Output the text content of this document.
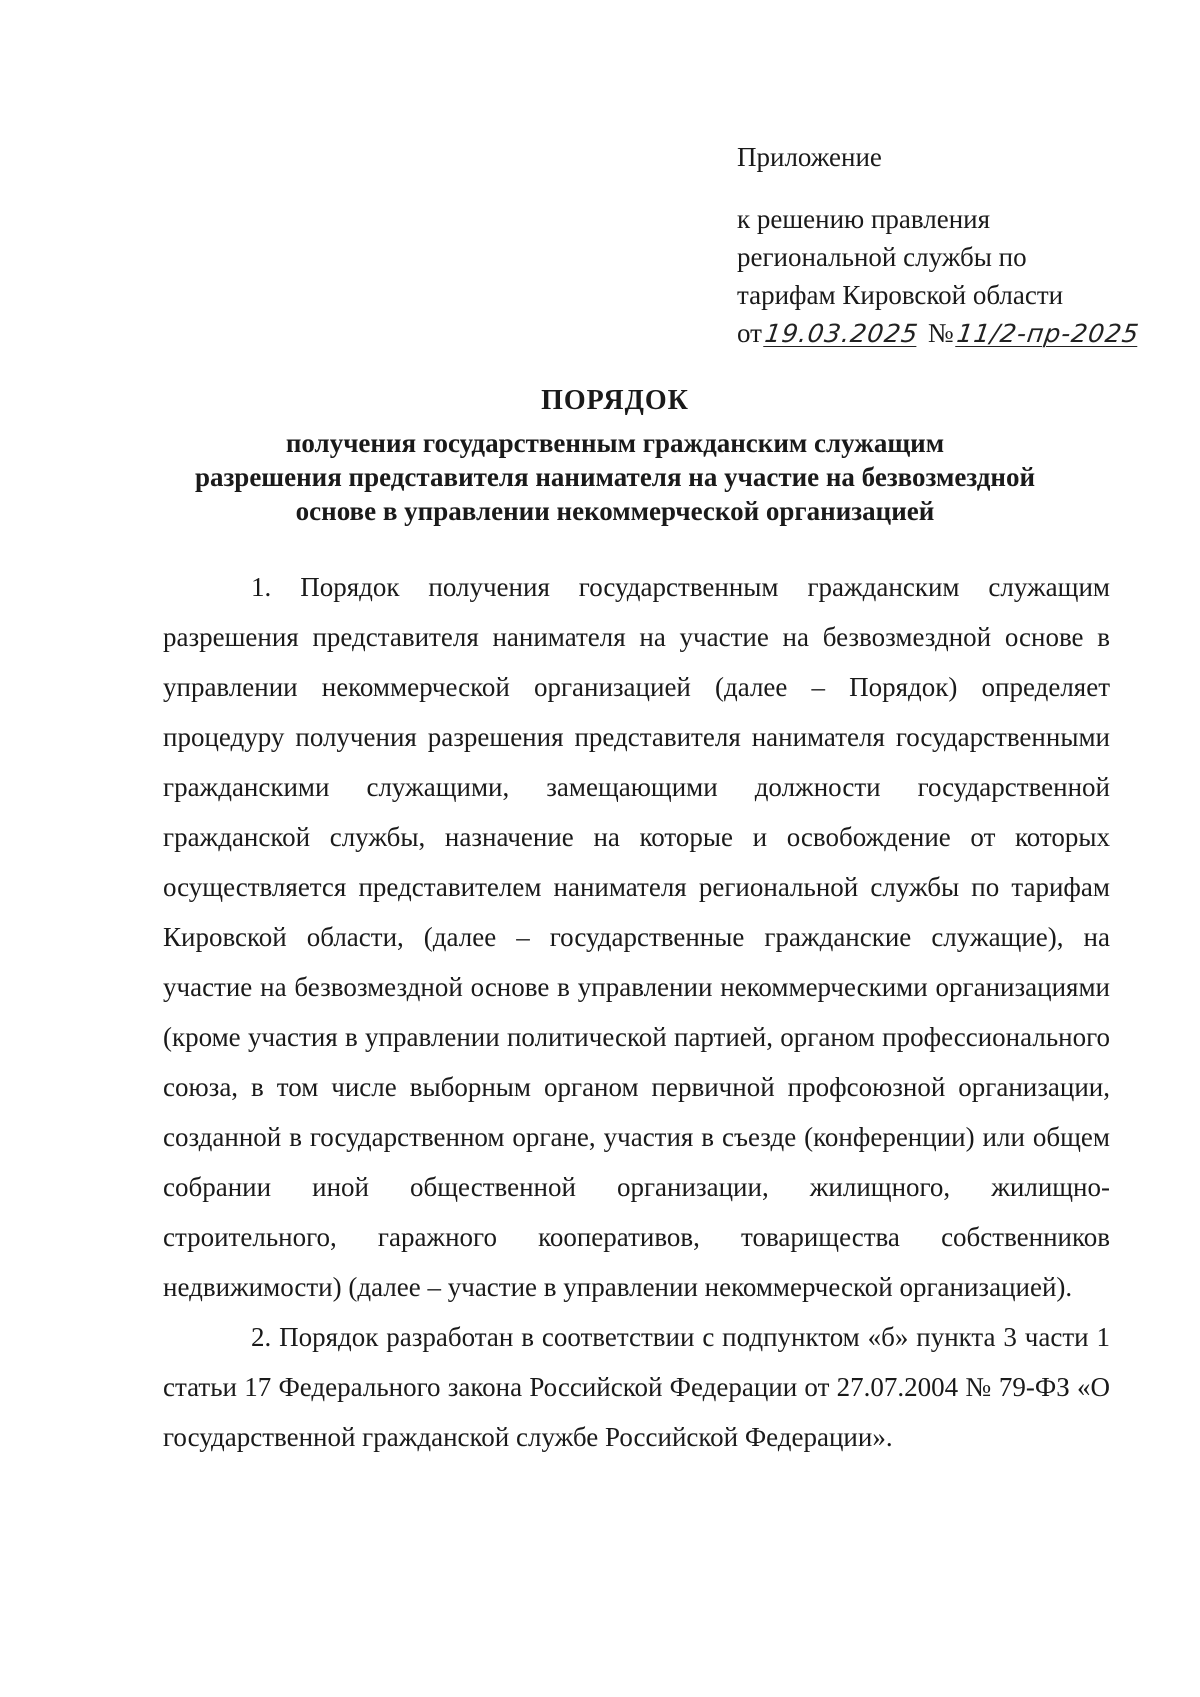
Приложение
к решению правления
региональной службы по
тарифам Кировской области
от19.03.2025 №11/2-пр-2025
ПОРЯДОК
получения государственным гражданским служащим
разрешения представителя нанимателя на участие на безвозмездной
основе в управлении некоммерческой организацией

1. Порядок получения государственным гражданским служащим разрешения представителя нанимателя на участие на безвозмездной основе в управлении некоммерческой организацией (далее – Порядок) определяет процедуру получения разрешения представителя нанимателя государственными гражданскими служащими, замещающими должности государственной гражданской службы, назначение на которые и освобождение от которых осуществляется представителем нанимателя региональной службы по тарифам Кировской области, (далее – государственные гражданские служащие), на участие на безвозмездной основе в управлении некоммерческими организациями (кроме участия в управлении политической партией, органом профессионального союза, в том числе выборным органом первичной профсоюзной организации, созданной в государственном органе, участия в съезде (конференции) или общем собрании иной общественной организации, жилищного, жилищно-строительного, гаражного кооперативов, товарищества собственников недвижимости) (далее – участие в управлении некоммерческой организацией).

2. Порядок разработан в соответствии с подпунктом «б» пункта 3 части 1 статьи 17 Федерального закона Российской Федерации от 27.07.2004 № 79-ФЗ «О государственной гражданской службе Российской Федерации».
